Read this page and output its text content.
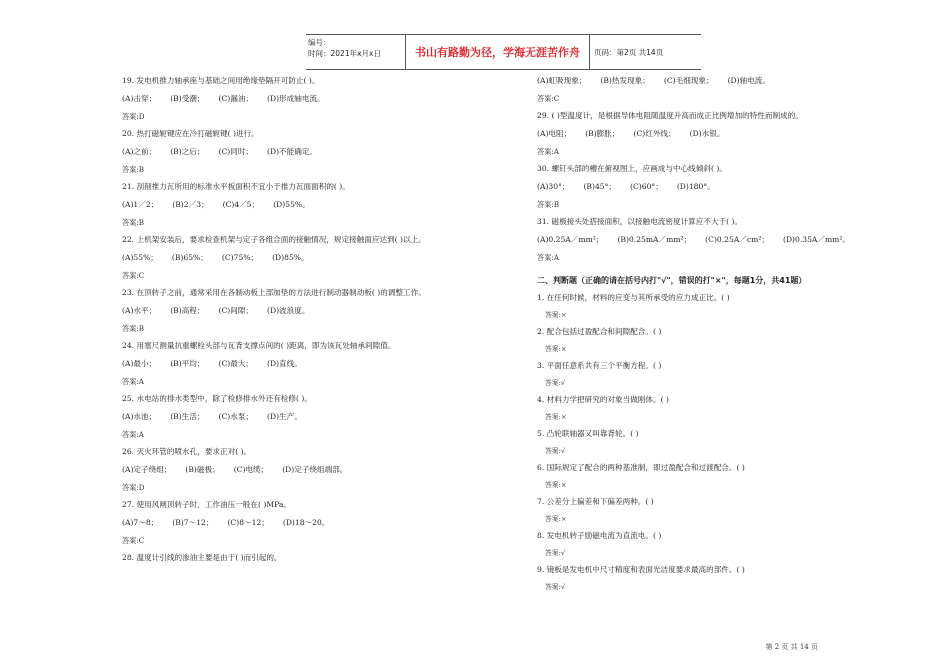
编号：
时间：2021年x月x日	书山有路勤为径，学海无涯苦作舟	页码：第2页 共14页

19. 发电机推力轴承座与基础之间用绝缘垫隔开可防止( )。

(A)击穿； (B)受潮； (C)漏油； (D)形成轴电流。
答案:D

20. 热打磁轭键应在冷打磁轭键( )进行。

(A)之前； (B)之后； (C)同时； (D)不能确定。
答案:B

21. 刮削推力瓦所用的标准水平板面积不宜小于推力瓦面面积的( )。

(A)1／2； (B)2／3； (C)4／5； (D)55%。
答案:B

22. 上机架安装后，要求检查机架与定子各组合面的接触情况，规定接触面应达到( )以上。

(A)55%； (B)65%； (C)75%； (D)85%。
答案:C

23. 在顶转子之前，通常采用在各制动板上部加垫的方法进行制动器制动板( )的调整工作。

(A)水平； (B)高程； (C)间隙； (D)波浪度。
答案:B

24. 用塞尺测量抗重螺栓头部与瓦背支撑点间的( )距离，即为该瓦处轴承间隙值。

(A)最小； (B)平均； (C)最大； (D)直线。
答案:A

25. 水电站的排水类型中，除了检修排水外还有检修( )。

(A)水池； (B)生活； (C)水泵； (D)生产。
答案:A

26. 灭火环管的喷水孔，要求正对( )。

(A)定子绕组； (B)磁极； (C)电缆； (D)定子绕组端部。
答案:D

27. 使用风闸顶转子时，工作油压一般在( )MPa。

(A)7～8； (B)7～12； (C)8～12； (D)18～20。
答案:C

28. 温度计引线的渗油主要是由于( )而引起的。

(A)虹吸现象； (B)热发现象； (C)毛细现象； (D)轴电流。
答案:C

29. ( )型温度计，是根据导体电阻随温度升高而成正比例增加的特性而制成的。

(A)电阻； (B)膨胀； (C)红外线； (D)水银。
答案:A

30. 螺钉头部的槽在俯视图上，应画成与中心线倾斜( )。

(A)30°； (B)45°； (C)60°； (D)180°。
答案:B

31. 磁极接头处搭接面积，以接触电流密度计算应不大于( )。

(A)0.25A／mm²； (B)0.25mA／mm²； (C)0.25A／cm²； (D)0.35A／mm²。
答案:A
二、判断题（正确的请在括号内打"√"，错误的打"×"，每题1分，共41题）

1. 在任何时候，材料的应变与其所承受的应力成正比。( )

答案:×

2. 配合包括过盈配合和间隙配合。( )

答案:×

3. 平面任意系共有三个平衡方程。( )

答案:√

4. 材料力学把研究的对象当做刚体。( )

答案:×

5. 凸轮联轴器又叫靠背轮。( )

答案:√

6. 国际规定了配合的两种基准制，即过盈配合和过渡配合。( )

答案:×

7. 公差分上偏差和下偏差两种。( )

答案:×

8. 发电机转子励磁电流为直流电。( )

答案:√

9. 镜板是发电机中尺寸精度和表面光洁度要求最高的部件。( )

答案:√
第 2 页 共 14 页
